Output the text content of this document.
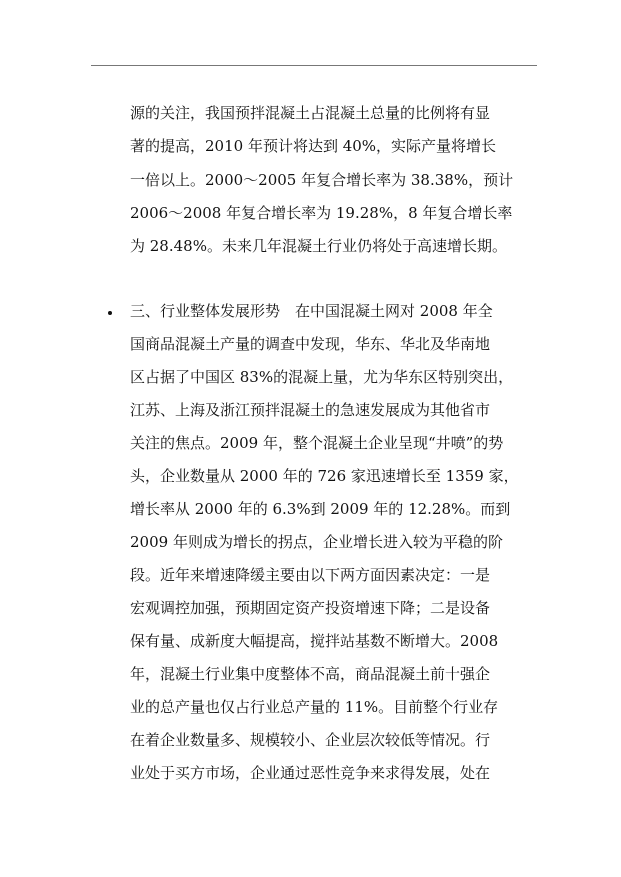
源的关注，我国预拌混凝土占混凝土总量的比例将有显
著的提高，2010 年预计将达到 40%，实际产量将增长
一倍以上。2000～2005 年复合增长率为 38.38%，预计
2006～2008 年复合增长率为 19.28%，8 年复合增长率
为 28.48%。未来几年混凝土行业仍将处于高速增长期。
三、行业整体发展形势　在中国混凝土网对 2008 年全
国商品混凝土产量的调查中发现，华东、华北及华南地
区占据了中国区 83%的混凝上量，尤为华东区特别突出，
江苏、上海及浙江预拌混凝土的急速发展成为其他省市
关注的焦点。2009 年，整个混凝土企业呈现“井喷”的势
头，企业数量从 2000 年的 726 家迅速增长至 1359 家，
增长率从 2000 年的 6.3%到 2009 年的 12.28%。而到
2009 年则成为增长的拐点，企业增长进入较为平稳的阶
段。近年来增速降缓主要由以下两方面因素决定：一是
宏观调控加强，预期固定资产投资增速下降；二是设备
保有量、成新度大幅提高，搅拌站基数不断增大。2008
年，混凝土行业集中度整体不高，商品混凝土前十强企
业的总产量也仅占行业总产量的 11%。目前整个行业存
在着企业数量多、规模较小、企业层次较低等情况。行
业处于买方市场，企业通过恶性竞争来求得发展，处在
